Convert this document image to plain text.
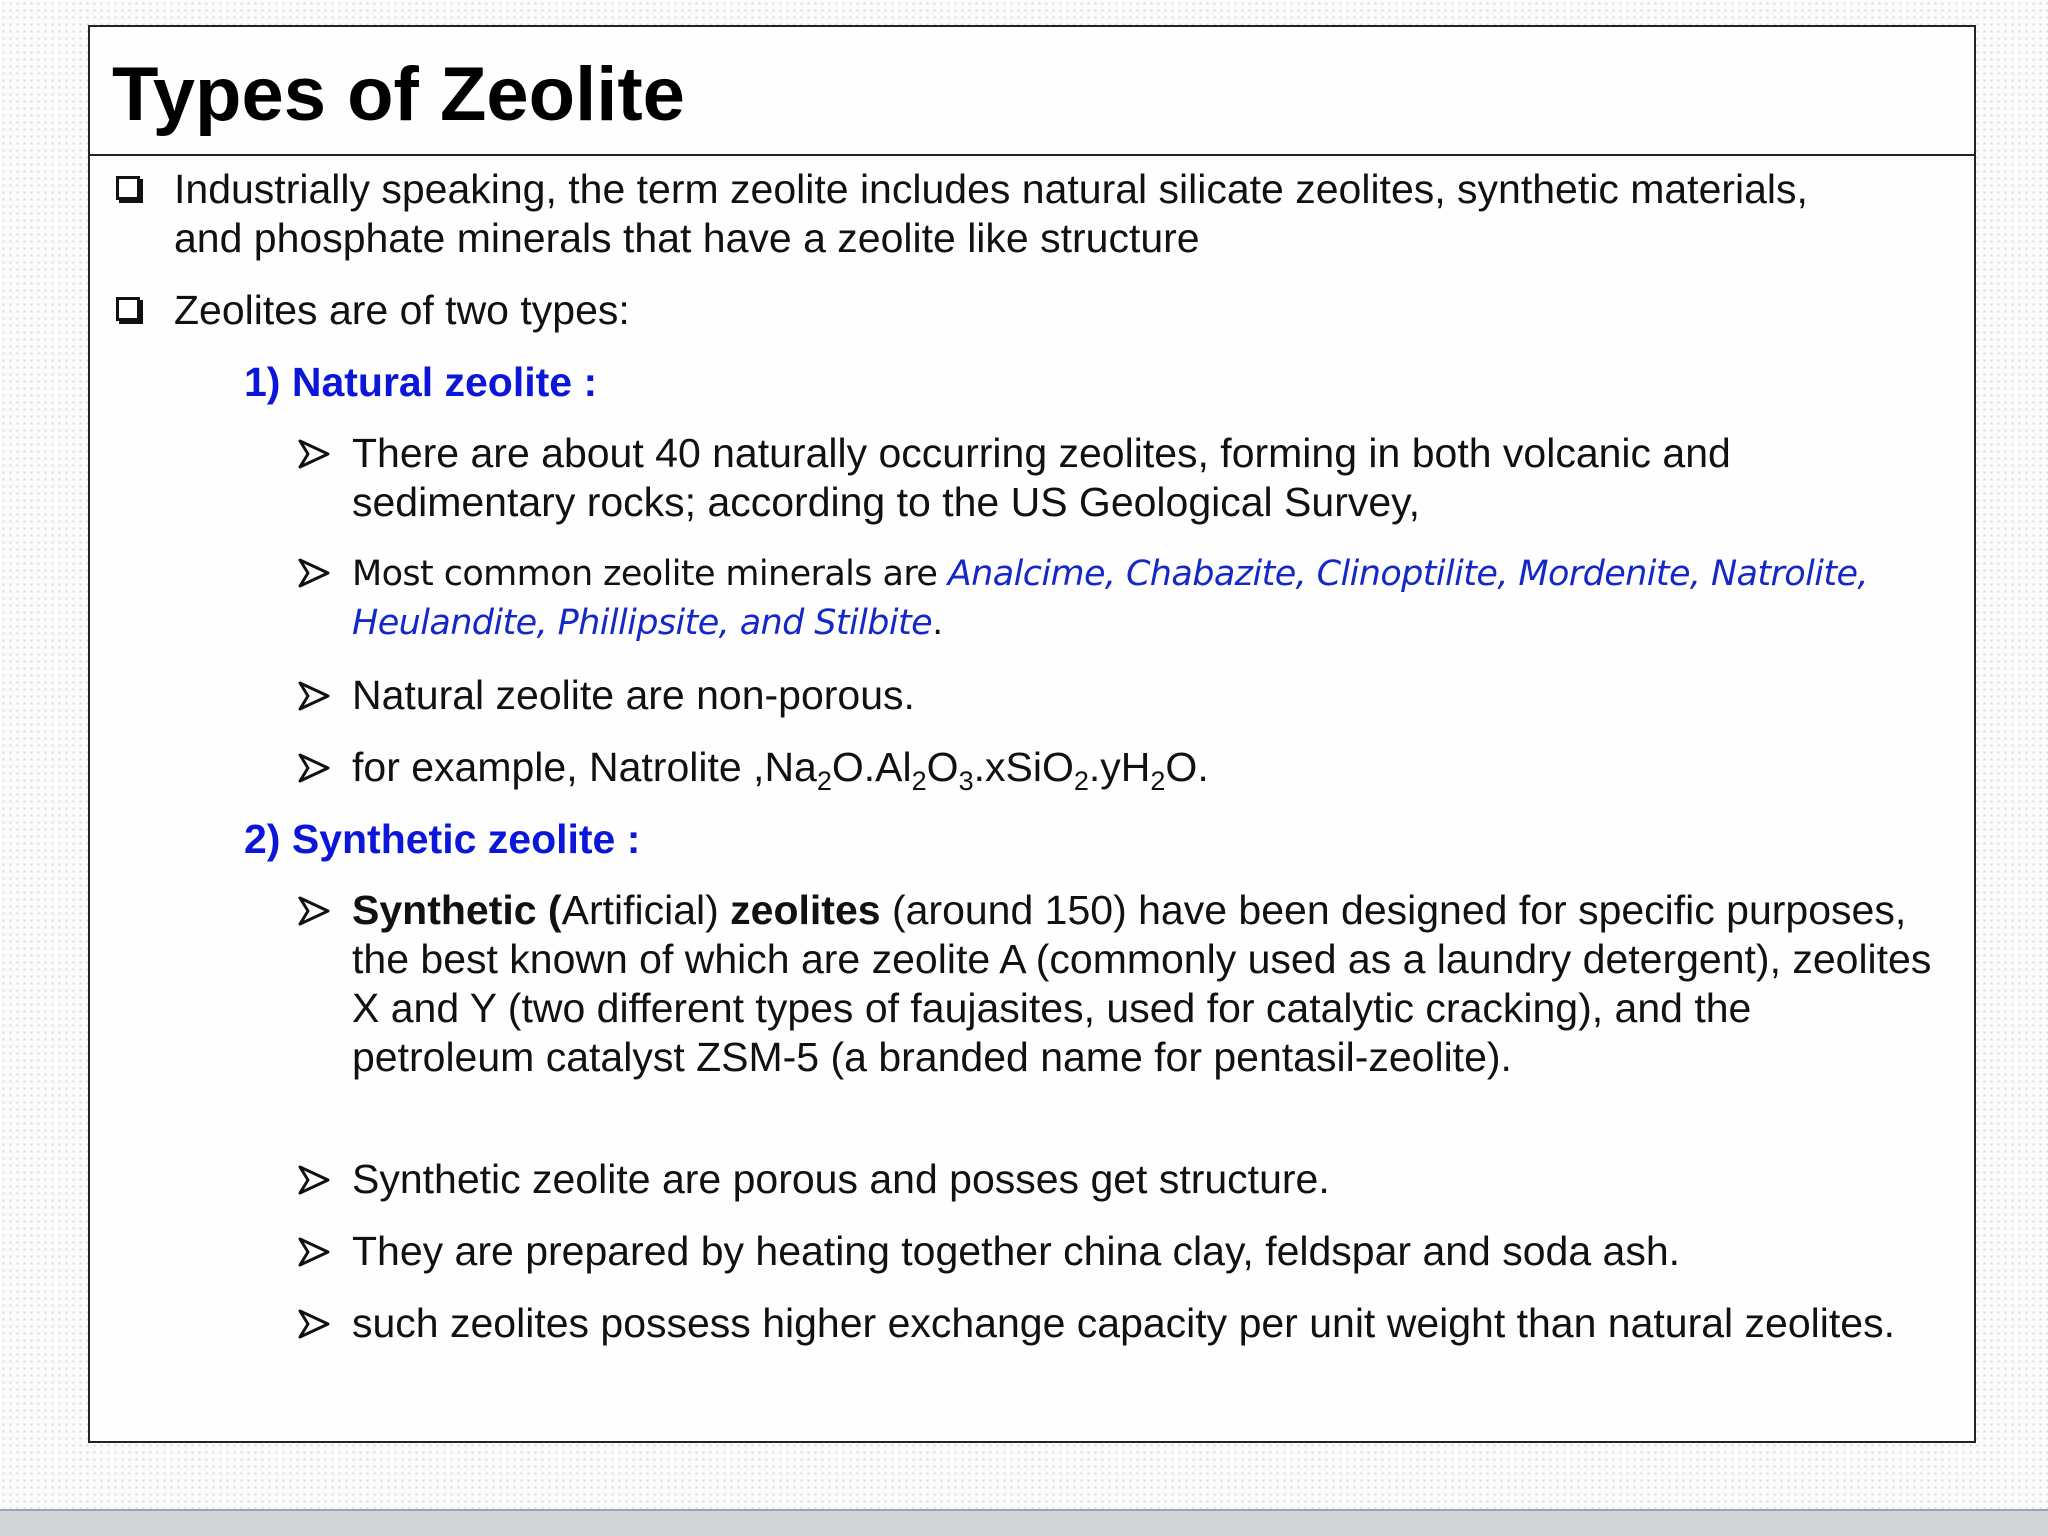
Types of Zeolite
Industrially speaking, the term zeolite includes natural silicate zeolites, synthetic materials, and phosphate minerals that have a zeolite like structure
Zeolites are of two types:
1) Natural zeolite :
There are about 40 naturally occurring zeolites, forming in both volcanic and sedimentary rocks; according to the US Geological Survey,
Most common zeolite minerals are Analcime, Chabazite, Clinoptilite, Mordenite, Natrolite, Heulandite, Phillipsite, and Stilbite.
Natural zeolite are non-porous.
for example, Natrolite $,Na_2O.Al_2O_3.xSiO_2.yH_2O$.
2) Synthetic zeolite :
Synthetic (Artificial) zeolites (around 150) have been designed for specific purposes, the best known of which are zeolite A (commonly used as a laundry detergent), zeolites X and Y (two different types of faujasites, used for catalytic cracking), and the petroleum catalyst ZSM-5 (a branded name for pentasil-zeolite).
Synthetic zeolite are porous and posses get structure.
They are prepared by heating together china clay, feldspar and soda ash.
such zeolites possess higher exchange capacity per unit weight than natural zeolites.
